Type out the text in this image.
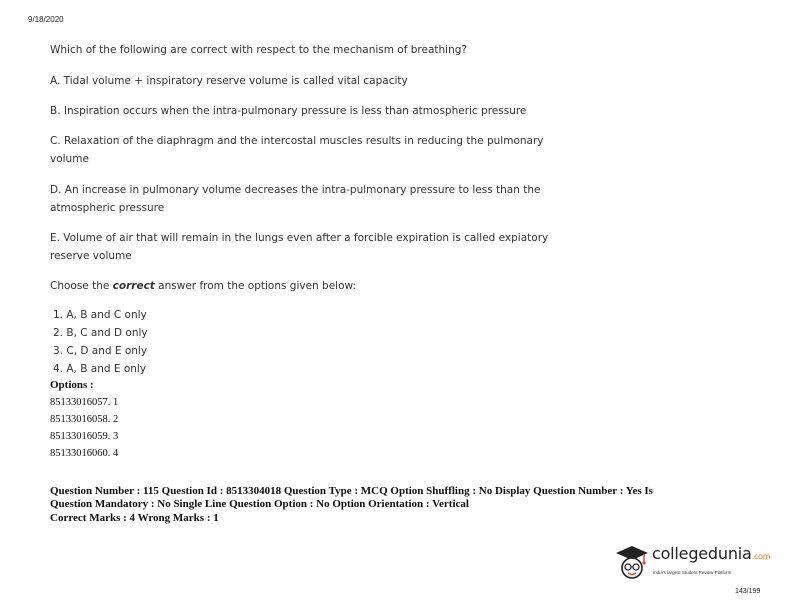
9/18/2020
Which of the following are correct with respect to the mechanism of breathing?
A. Tidal volume + inspiratory reserve volume is called vital capacity
B. Inspiration occurs when the intra-pulmonary pressure is less than atmospheric pressure
C. Relaxation of the diaphragm and the intercostal muscles results in reducing the pulmonary volume
D. An increase in pulmonary volume decreases the intra-pulmonary pressure to less than the atmospheric pressure
E. Volume of air that will remain in the lungs even after a forcible expiration is called expiatory reserve volume
Choose the correct answer from the options given below:
1. A, B and C only
2. B, C and D only
3. C, D and E only
4. A, B and E only
Options :
85133016057. 1
85133016058. 2
85133016059. 3
85133016060. 4
Question Number : 115 Question Id : 8513304018 Question Type : MCQ Option Shuffling : No Display Question Number : Yes Is
Question Mandatory : No Single Line Question Option : No Option Orientation : Vertical
Correct Marks : 4 Wrong Marks : 1
collegedunia.com
India's largest Student Review Platform
143/199
